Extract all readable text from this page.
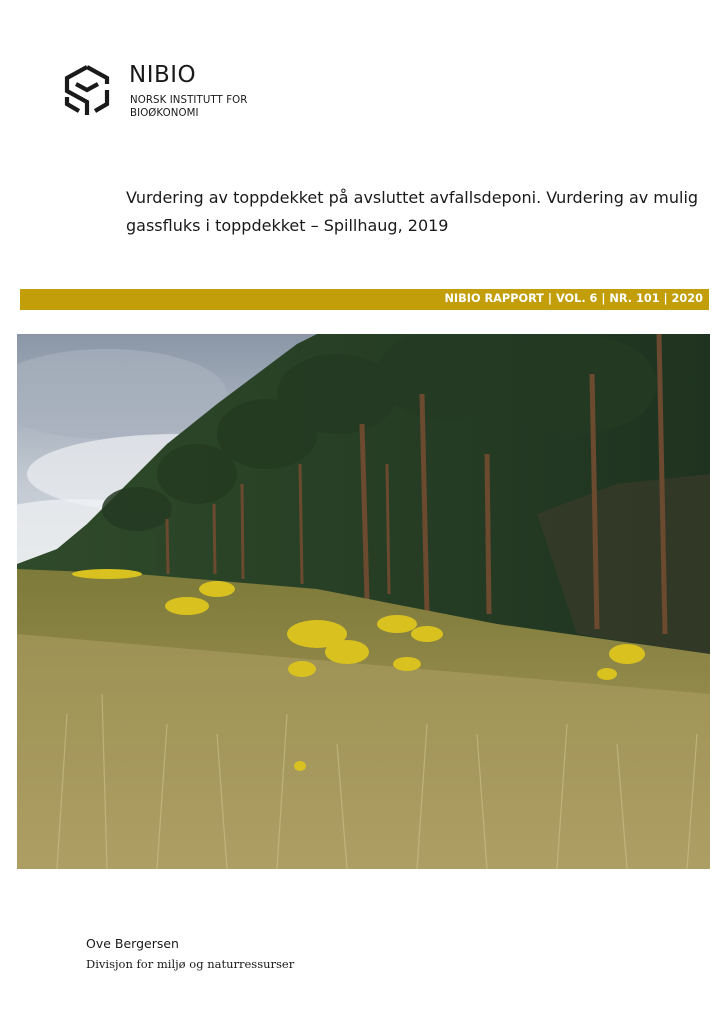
NIBIO
NORSK INSTITUTT FOR
BIOØKONOMI
Vurdering av toppdekket på avsluttet avfallsdeponi. Vurdering av mulig gassfluks i toppdekket – Spillhaug, 2019
NIBIO RAPPORT | VOL. 6 | NR. 101 | 2020
Ove Bergersen
Divisjon for miljø og naturressurser
